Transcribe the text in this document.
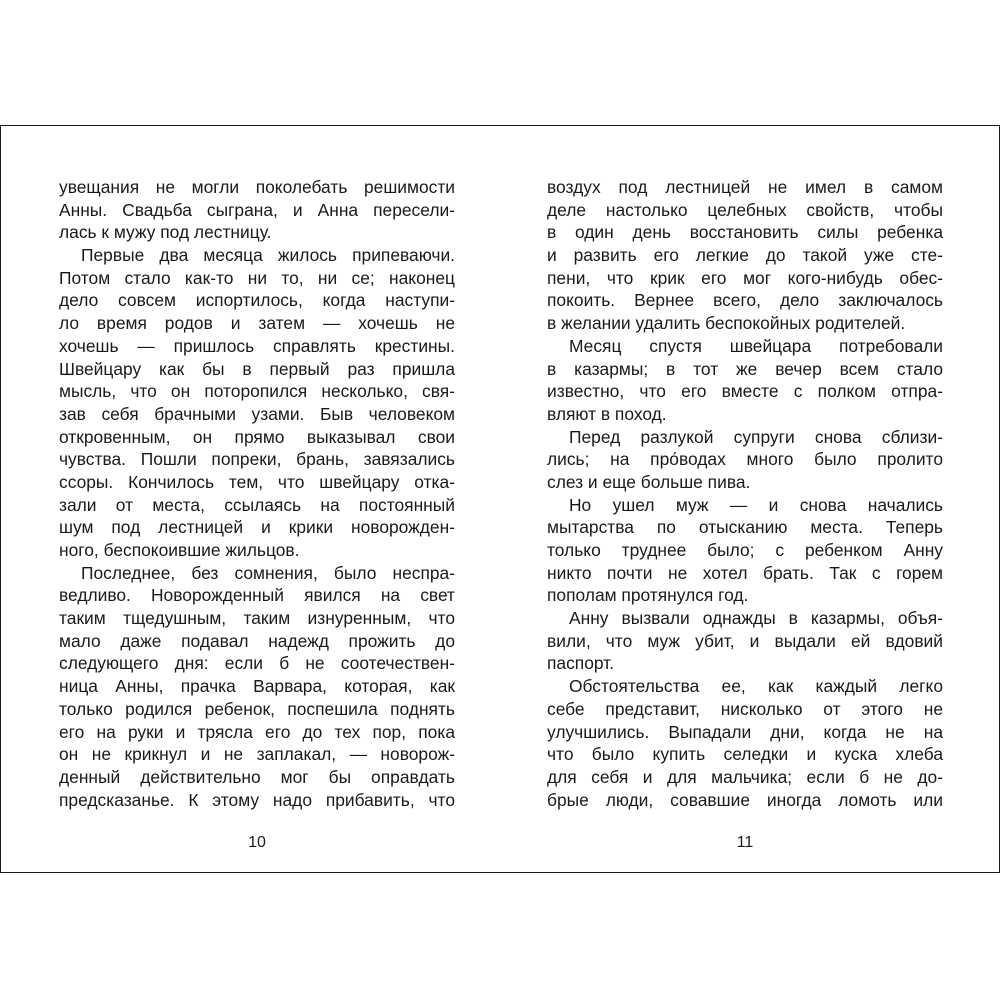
увещания не могли поколебать решимости
Анны. Свадьба сыграна, и Анна пересели-
лась к мужу под лестницу.
Первые два месяца жилось припеваючи.
Потом стало как-то ни то, ни се; наконец
дело совсем испортилось, когда наступи-
ло время родов и затем — хочешь не
хочешь — пришлось справлять крестины.
Швейцару как бы в первый раз пришла
мысль, что он поторопился несколько, свя-
зав себя брачными узами. Быв человеком
откровенным, он прямо выказывал свои
чувства. Пошли попреки, брань, завязались
ссоры. Кончилось тем, что швейцару отка-
зали от места, ссылаясь на постоянный
шум под лестницей и крики новорожден-
ного, беспокоившие жильцов.
Последнее, без сомнения, было неспра-
ведливо. Новорожденный явился на свет
таким тщедушным, таким изнуренным, что
мало даже подавал надежд прожить до
следующего дня: если б не соотечествен-
ница Анны, прачка Варвара, которая, как
только родился ребенок, поспешила поднять
его на руки и трясла его до тех пор, пока
он не крикнул и не заплакал, — новорож-
денный действительно мог бы оправдать
предсказанье. К этому надо прибавить, что
воздух под лестницей не имел в самом
деле настолько целебных свойств, чтобы
в один день восстановить силы ребенка
и развить его легкие до такой уже сте-
пени, что крик его мог кого-нибудь обес-
покоить. Вернее всего, дело заключалось
в желании удалить беспокойных родителей.
Месяц спустя швейцара потребовали
в казармы; в тот же вечер всем стало
известно, что его вместе с полком отпра-
вляют в поход.
Перед разлукой супруги снова сблизи-
лись; на про́водах много было пролито
слез и еще больше пива.
Но ушел муж — и снова начались
мытарства по отысканию места. Теперь
только труднее было; с ребенком Анну
никто почти не хотел брать. Так с горем
пополам протянулся год.
Анну вызвали однажды в казармы, объя-
вили, что муж убит, и выдали ей вдовий
паспорт.
Обстоятельства ее, как каждый легко
себе представит, нисколько от этого не
улучшились. Выпадали дни, когда не на
что было купить селедки и куска хлеба
для себя и для мальчика; если б не до-
брые люди, совавшие иногда ломоть или
10	11
